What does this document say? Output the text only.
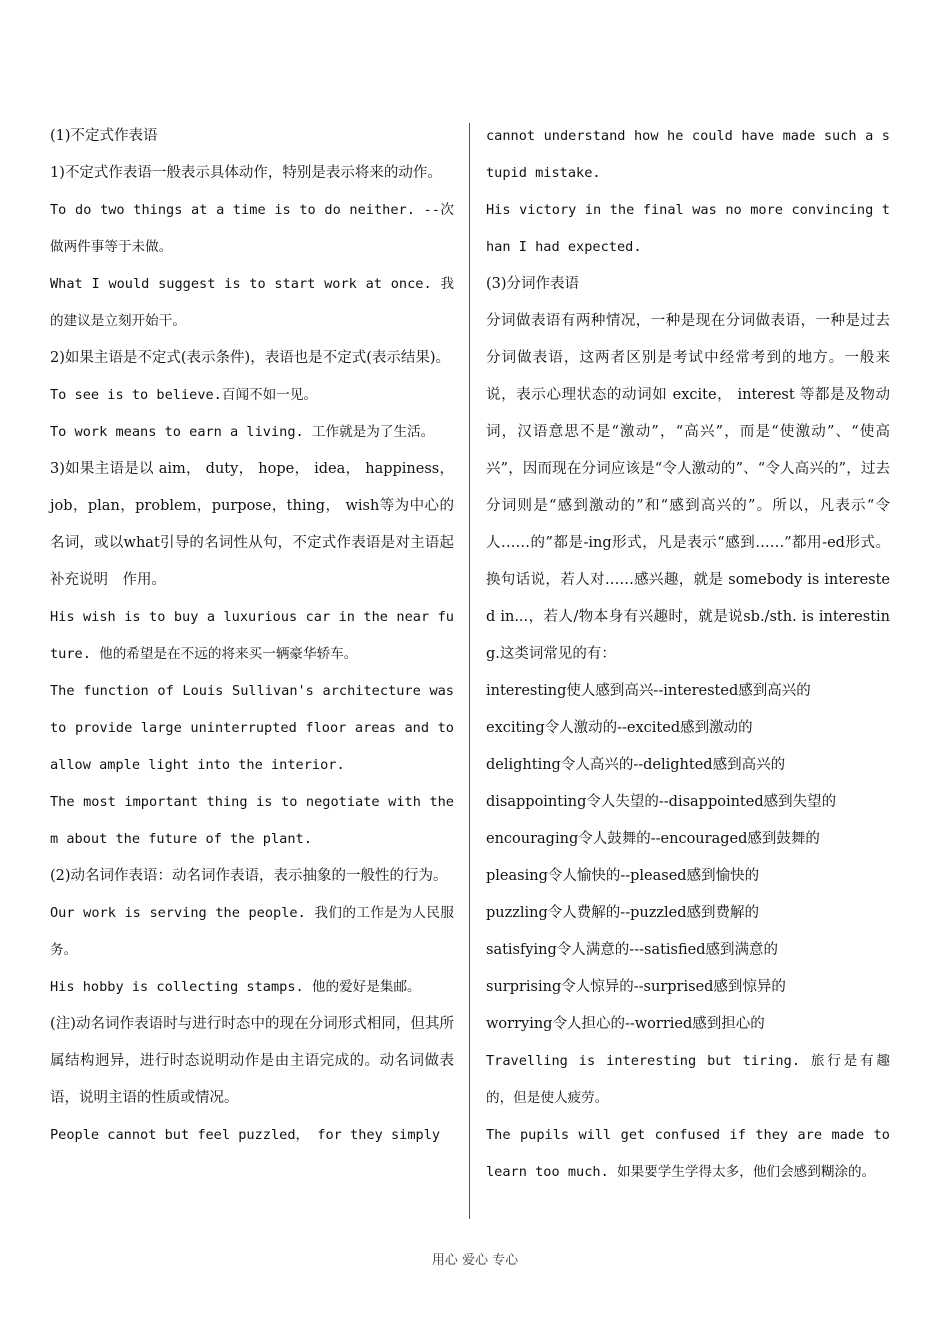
(1)不定式作表语

1)不定式作表语一般表示具体动作，特别是表示将来的动作。

To do two things at a time is to do neither. --次做两件事等于未做。

What I would suggest is to start work at once. 我的建议是立刻开始干。

2)如果主语是不定式(表示条件)，表语也是不定式(表示结果)。

To see is to believe.百闻不如一见。

To work means to earn a living. 工作就是为了生活。

3)如果主语是以 aim， duty， hope， idea， happiness， job，plan，problem，purpose，thing， wish等为中心的名词，或以what引导的名词性从句，不定式作表语是对主语起补充说明　作用。

His wish is to buy a luxurious car in the near future. 他的希望是在不远的将来买一辆豪华轿车。

The function of Louis Sullivan's architecture was to provide large uninterrupted floor areas and to allow ample light into the interior.

The most important thing is to negotiate with them about the future of the plant.

(2)动名词作表语：动名词作表语，表示抽象的一般性的行为。

Our work is serving the people. 我们的工作是为人民服务。

His hobby is collecting stamps. 他的爱好是集邮。

(注)动名词作表语时与进行时态中的现在分词形式相同，但其所属结构迥异，进行时态说明动作是由主语完成的。动名词做表语，说明主语的性质或情况。

People cannot but feel puzzled， for they simply

cannot understand how he could have made such a stupid mistake.

His victory in the final was no more convincing than I had expected.

(3)分词作表语

分词做表语有两种情况，一种是现在分词做表语，一种是过去分词做表语，这两者区别是考试中经常考到的地方。一般来说，表示心理状态的动词如 excite， interest 等都是及物动词，汉语意思不是“激动”，“高兴”，而是“使激动”、“使高兴”，因而现在分词应该是“令人激动的”、“令人高兴的”，过去分词则是“感到激动的”和“感到高兴的”。所以，凡表示“令人……的”都是-ing形式，凡是表示“感到……”都用-ed形式。换句话说，若人对……感兴趣，就是 somebody is interested in...，若人/物本身有兴趣时，就是说sb./sth. is interesting.这类词常见的有：

interesting使人感到高兴--interested感到高兴的

exciting令人激动的--excited感到激动的

delighting令人高兴的--delighted感到高兴的

disappointing令人失望的--disappointed感到失望的

encouraging令人鼓舞的--encouraged感到鼓舞的

pleasing令人愉快的--pleased感到愉快的

puzzling令人费解的--puzzled感到费解的

satisfying令人满意的---satisfied感到满意的

surprising令人惊异的--surprised感到惊异的

worrying令人担心的--worried感到担心的

Travelling is interesting but tiring. 旅行是有趣的，但是使人疲劳。

The pupils will get confused if they are made to learn too much. 如果要学生学得太多，他们会感到糊涂的。

用心 爱心 专心
